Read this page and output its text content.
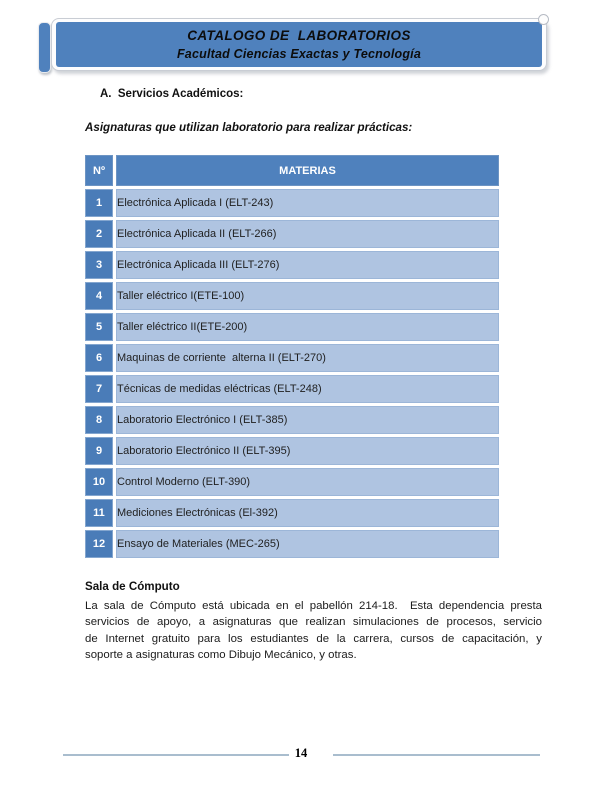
CATALOGO DE  LABORATORIOS
Facultad Ciencias Exactas y Tecnología
A.  Servicios Académicos:
Asignaturas que utilizan laboratorio para realizar prácticas:
Nº	MATERIAS
1	Electrónica Aplicada I (ELT-243)
2	Electrónica Aplicada II (ELT-266)
3	Electrónica Aplicada III (ELT-276)
4	Taller eléctrico I(ETE-100)
5	Taller eléctrico II(ETE-200)
6	Maquinas de corriente  alterna II (ELT-270)
7	Técnicas de medidas eléctricas (ELT-248)
8	Laboratorio Electrónico I (ELT-385)
9	Laboratorio Electrónico II (ELT-395)
10	Control Moderno (ELT-390)
11	Mediciones Electrónicas (El-392)
12	Ensayo de Materiales (MEC-265)
Sala de Cómputo
La sala de Cómputo está ubicada en el pabellón 214-18.  Esta dependencia presta
servicios de apoyo, a asignaturas que realizan simulaciones de procesos, servicio
de Internet gratuito para los estudiantes de la carrera, cursos de capacitación, y
soporte a asignaturas como Dibujo Mecánico, y otras.
14
